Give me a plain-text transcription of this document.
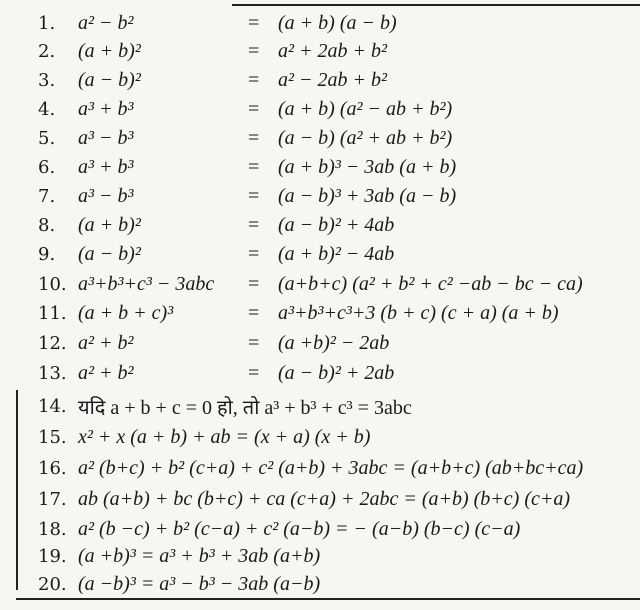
1.	a² − b²	= (a + b) (a − b)
2.	(a + b)²	= a² + 2ab + b²
3.	(a − b)²	= a² − 2ab + b²
4.	a³ + b³	= (a + b) (a² − ab + b²)
5.	a³ − b³	= (a − b) (a² + ab + b²)
6.	a³ + b³	= (a + b)³ − 3ab (a + b)
7.	a³ − b³	= (a − b)³ + 3ab (a − b)
8.	(a + b)²	= (a − b)² + 4ab
9.	(a − b)²	= (a + b)² − 4ab
10. a³+b³+c³ − 3abc = (a+b+c) (a² + b² + c² −ab − bc − ca)
11. (a + b + c)³	= a³+b³+c³+3 (b + c) (c + a) (a + b)
12. a² + b²	= (a +b)² − 2ab
13. a² + b²	= (a − b)² + 2ab
14. यदि a + b + c = 0 हो, तो a³ + b³ + c³ = 3abc
15. x² + x (a + b) + ab = (x + a) (x + b)
16. a² (b+c) + b² (c+a) + c² (a+b) + 3abc = (a+b+c) (ab+bc+ca)
17. ab (a+b) + bc (b+c) + ca (c+a) + 2abc = (a+b) (b+c) (c+a)
18. a² (b −c) + b² (c−a) + c² (a−b) = − (a−b) (b−c) (c−a)
19. (a +b)³ = a³ + b³ + 3ab (a+b)
20. (a −b)³ = a³ − b³ − 3ab (a−b)
